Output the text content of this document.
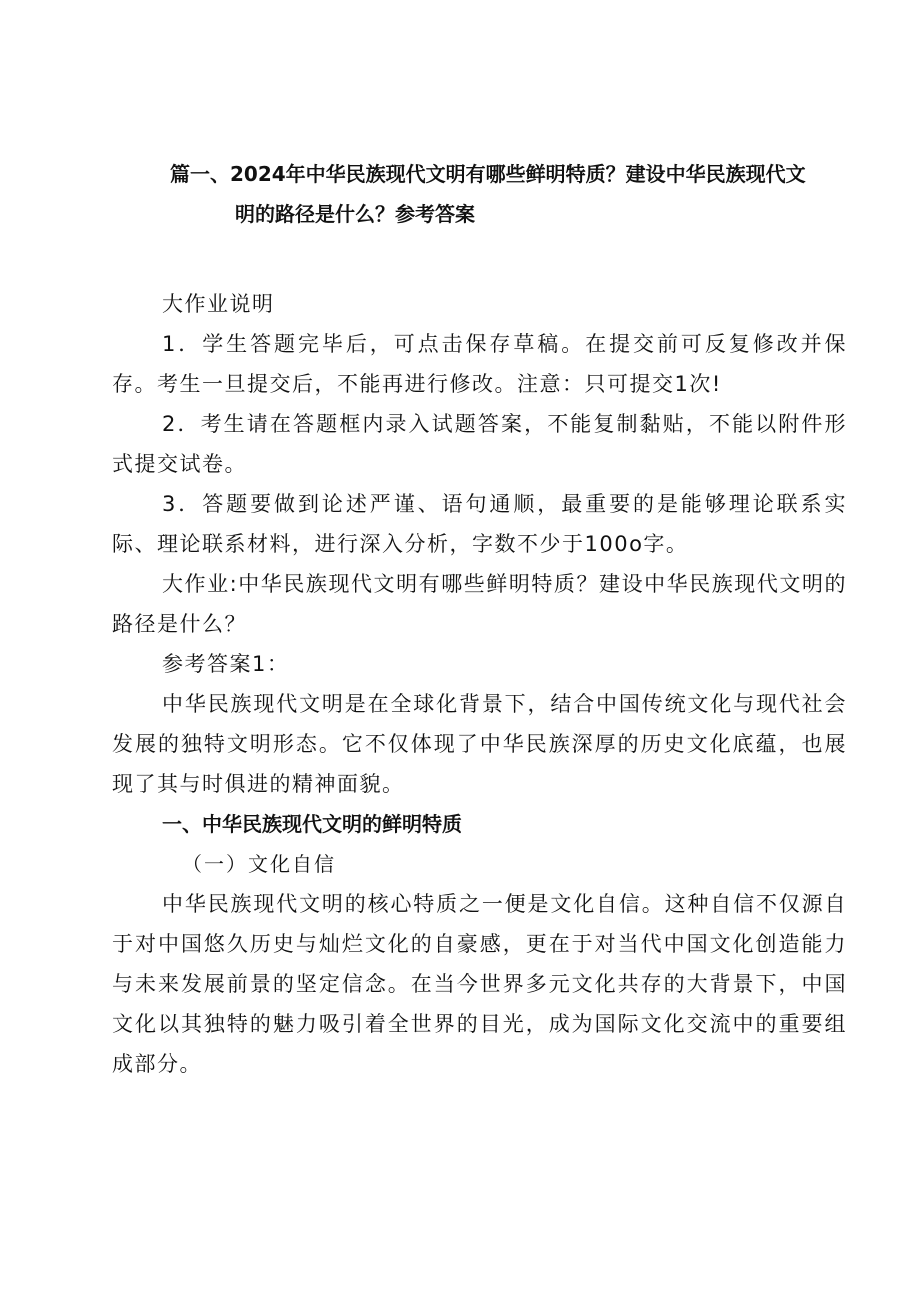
篇一、2024年中华民族现代文明有哪些鲜明特质？建设中华民族现代文
明的路径是什么？参考答案

大作业说明

1．学生答题完毕后，可点击保存草稿。在提交前可反复修改并保存。考生一旦提交后，不能再进行修改。注意：只可提交1次!

2．考生请在答题框内录入试题答案，不能复制黏贴，不能以附件形式提交试卷。

3．答题要做到论述严谨、语句通顺，最重要的是能够理论联系实际、理论联系材料，进行深入分析，字数不少于100o字。

大作业:中华民族现代文明有哪些鲜明特质？建设中华民族现代文明的路径是什么？

参考答案1：

中华民族现代文明是在全球化背景下，结合中国传统文化与现代社会发展的独特文明形态。它不仅体现了中华民族深厚的历史文化底蕴，也展现了其与时俱进的精神面貌。

一、中华民族现代文明的鲜明特质

（一）文化自信

中华民族现代文明的核心特质之一便是文化自信。这种自信不仅源自于对中国悠久历史与灿烂文化的自豪感，更在于对当代中国文化创造能力与未来发展前景的坚定信念。在当今世界多元文化共存的大背景下，中国文化以其独特的魅力吸引着全世界的目光，成为国际文化交流中的重要组成部分。
